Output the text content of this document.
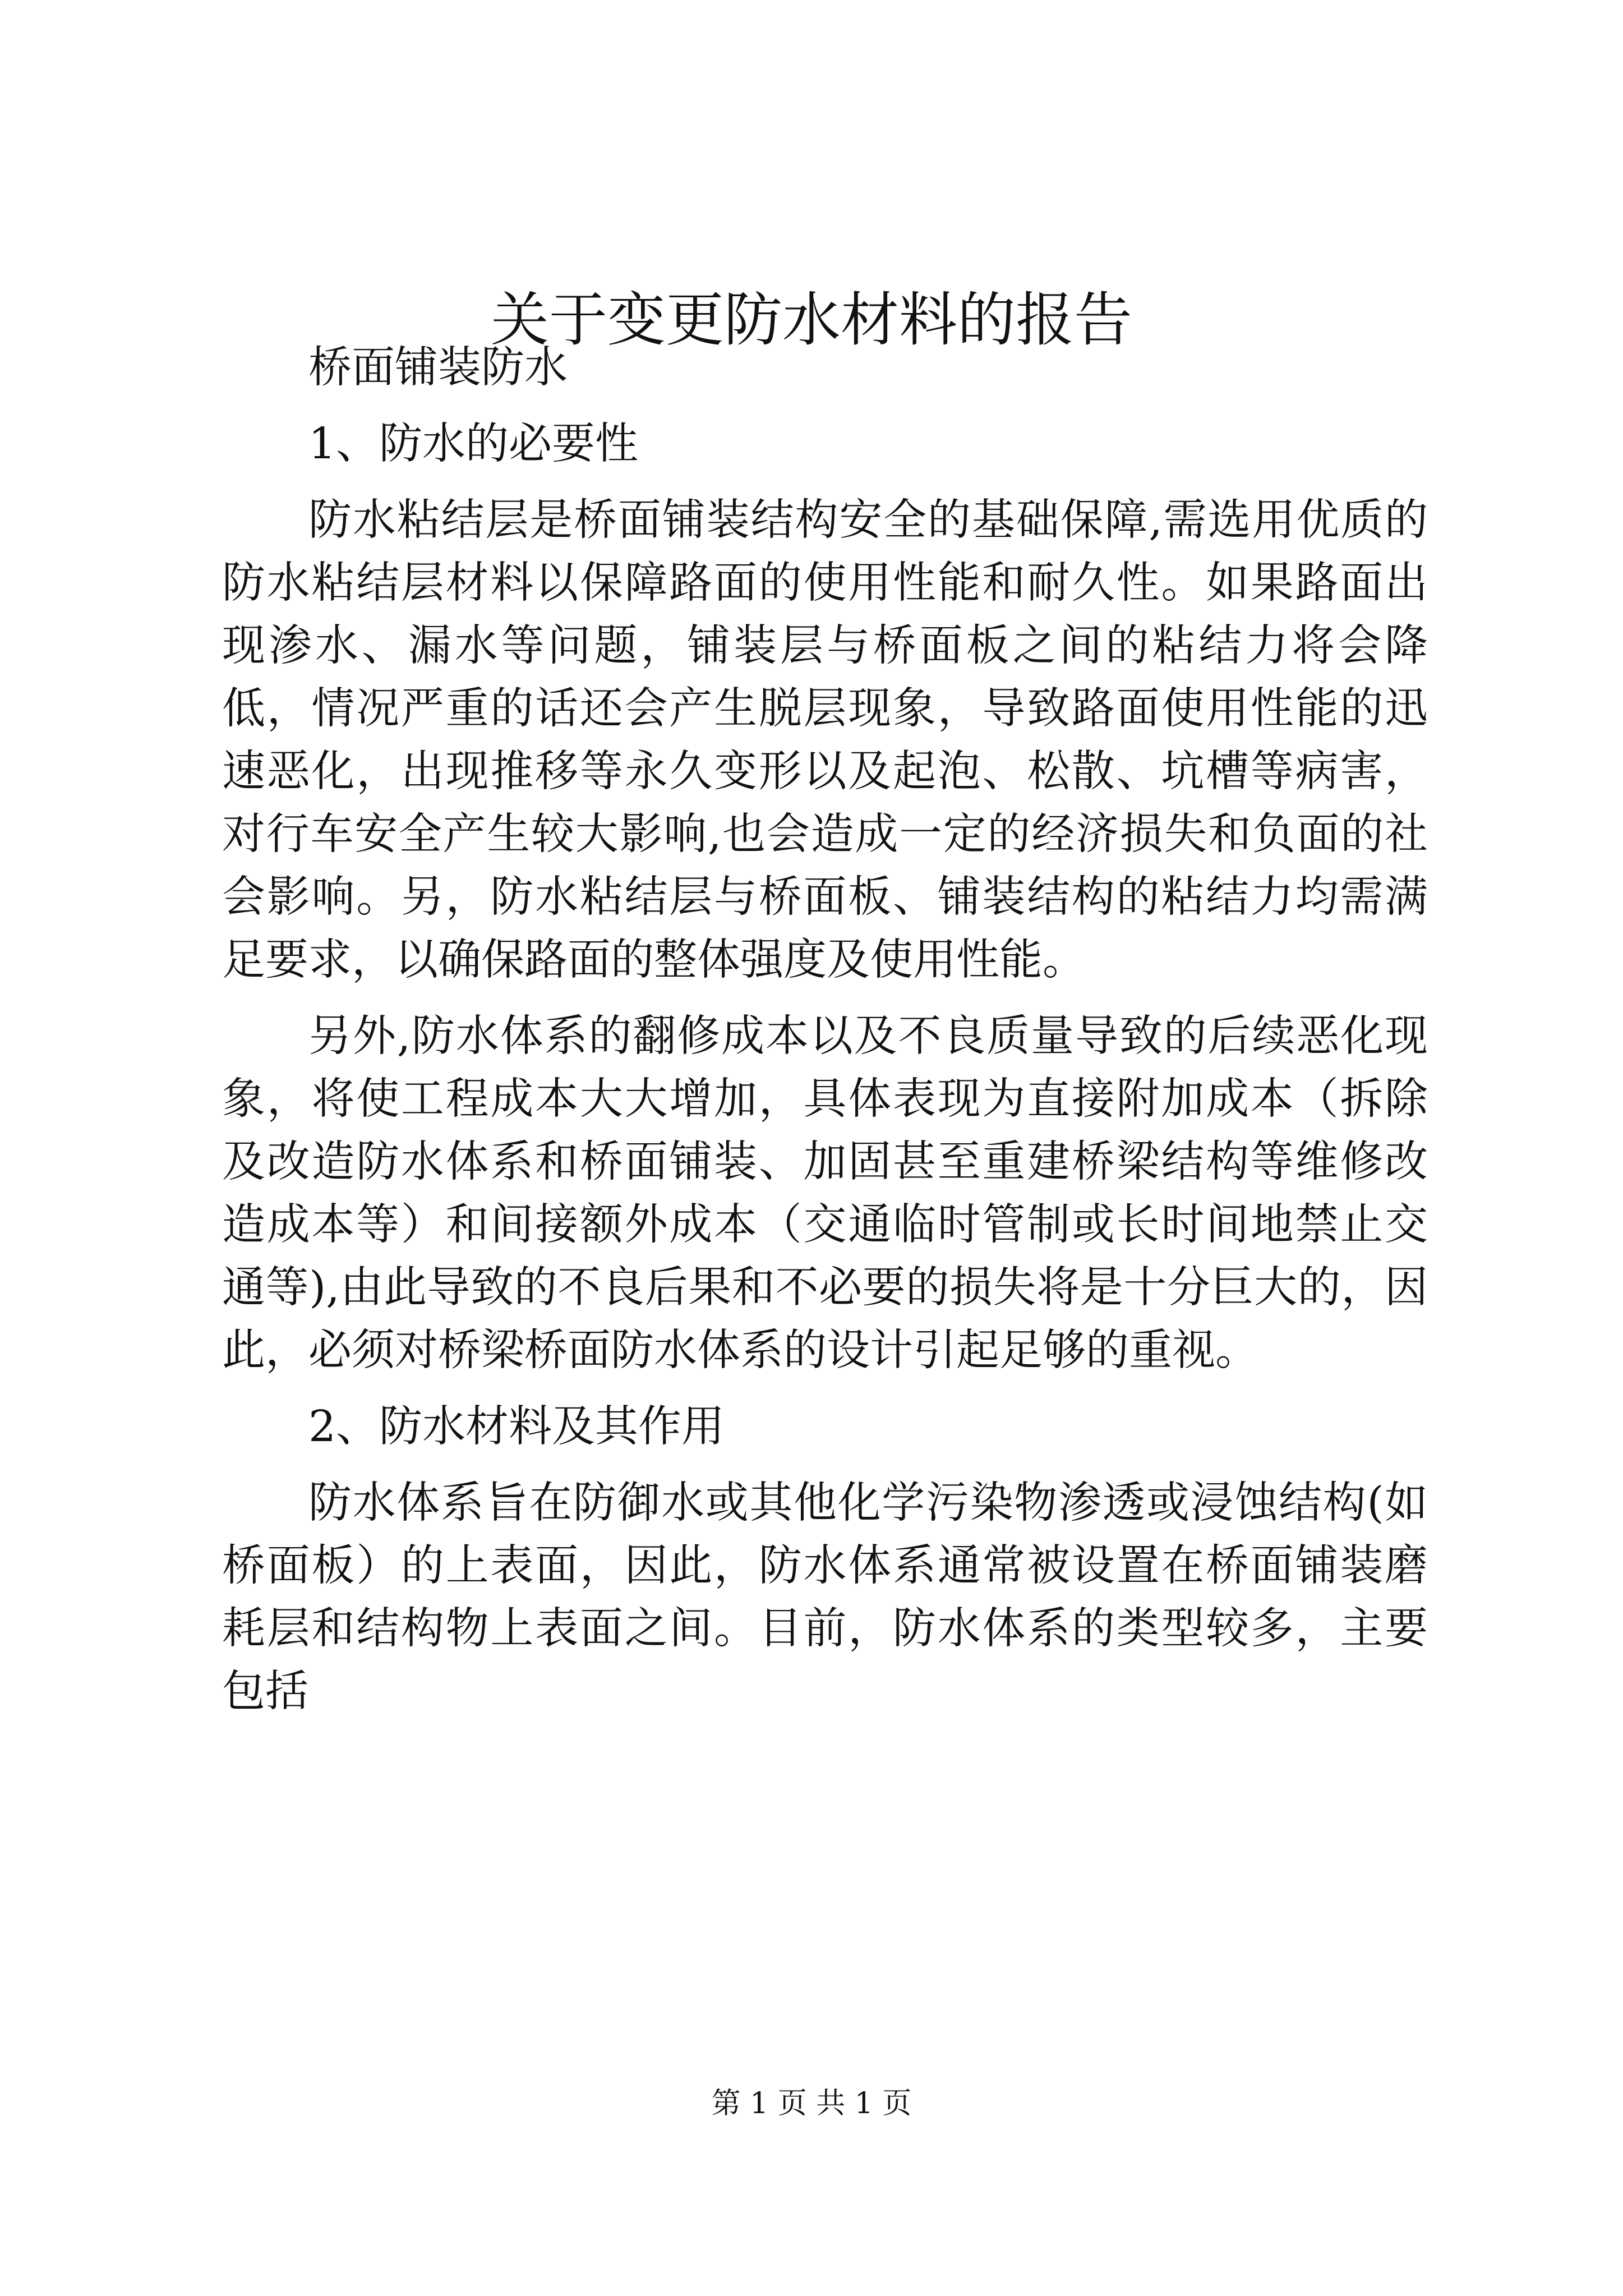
关于变更防水材料的报告

桥面铺装防水

1、防水的必要性

防水粘结层是桥面铺装结构安全的基础保障,需选用优质的防水粘结层材料以保障路面的使用性能和耐久性。如果路面出现渗水、漏水等问题，铺装层与桥面板之间的粘结力将会降低，情况严重的话还会产生脱层现象，导致路面使用性能的迅速恶化，出现推移等永久变形以及起泡、松散、坑槽等病害，对行车安全产生较大影响,也会造成一定的经济损失和负面的社会影响。另，防水粘结层与桥面板、铺装结构的粘结力均需满足要求，以确保路面的整体强度及使用性能。

另外,防水体系的翻修成本以及不良质量导致的后续恶化现象，将使工程成本大大增加，具体表现为直接附加成本（拆除及改造防水体系和桥面铺装、加固甚至重建桥梁结构等维修改造成本等）和间接额外成本（交通临时管制或长时间地禁止交通等),由此导致的不良后果和不必要的损失将是十分巨大的，因此，必须对桥梁桥面防水体系的设计引起足够的重视。

2、防水材料及其作用

防水体系旨在防御水或其他化学污染物渗透或浸蚀结构(如桥面板）的上表面，因此，防水体系通常被设置在桥面铺装磨耗层和结构物上表面之间。目前，防水体系的类型较多，主要包括

第 1 页 共 1 页
